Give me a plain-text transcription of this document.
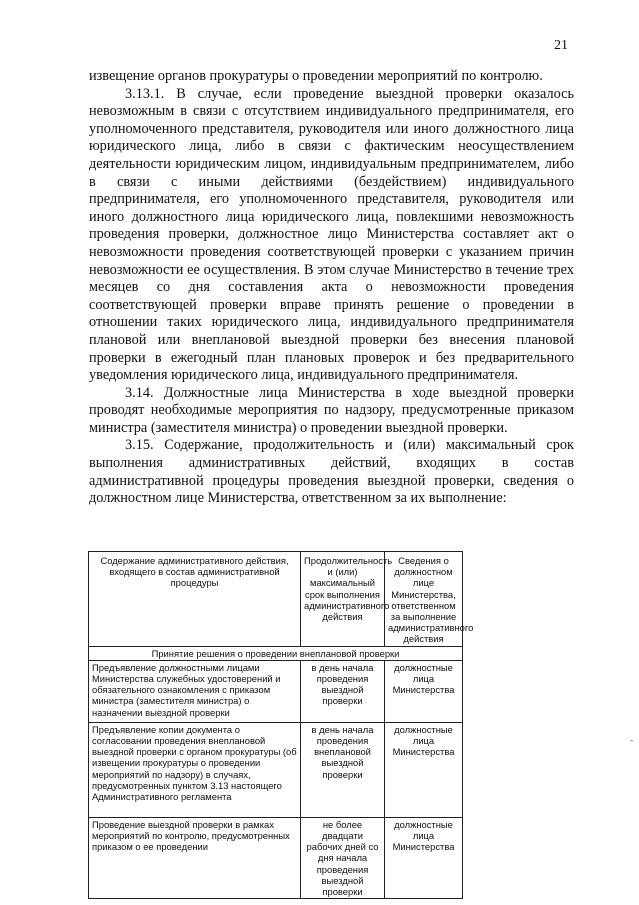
21

извещение органов прокуратуры о проведении мероприятий по контролю.

3.13.1. В случае, если проведение выездной проверки оказалось невозможным в связи с отсутствием индивидуального предпринимателя, его уполномоченного представителя, руководителя или иного должностного лица юридического лица, либо в связи с фактическим неосуществлением деятельности юридическим лицом, индивидуальным предпринимателем, либо в связи с иными действиями (бездействием) индивидуального предпринимателя, его уполномоченного представителя, руководителя или иного должностного лица юридического лица, повлекшими невозможность проведения проверки, должностное лицо Министерства составляет акт о невозможности проведения соответствующей проверки с указанием причин невозможности ее осуществления. В этом случае Министерство в течение трех месяцев со дня составления акта о невозможности проведения соответствующей проверки вправе принять решение о проведении в отношении таких юридического лица, индивидуального предпринимателя плановой или внеплановой выездной проверки без внесения плановой проверки в ежегодный план плановых проверок и без предварительного уведомления юридического лица, индивидуального предпринимателя.

3.14. Должностные лица Министерства в ходе выездной проверки проводят необходимые мероприятия по надзору, предусмотренные приказом министра (заместителя министра) о проведении выездной проверки.

3.15. Содержание, продолжительность и (или) максимальный срок выполнения административных действий, входящих в состав административной процедуры проведения выездной проверки, сведения о должностном лице Министерства, ответственном за их выполнение:

Содержание административного действия, входящего в состав административной процедуры	Продолжительность и (или) максимальный срок выполнения административного действия	Сведения о должностном лице Министерства, ответственном за выполнение административного действия
Принятие решения о проведении внеплановой проверки		
Предъявление должностными лицами Министерства служебных удостоверений и обязательного ознакомления с приказом министра (заместителя министра) о назначении выездной проверки	в день начала проведения выездной проверки	должностные лица Министерства
Предъявление копии документа о согласовании проведения внеплановой выездной проверки с органом прокуратуры (об извещении прокуратуры о проведении мероприятий по надзору) в случаях, предусмотренных пунктом 3.13 настоящего Административного регламента	в день начала проведения внеплановой выездной проверки	должностные лица Министерства
Проведение выездной проверки в рамках мероприятий по контролю, предусмотренных приказом о ее проведении	не более двадцати рабочих дней со дня начала проведения выездной проверки	должностные лица Министерства
-
